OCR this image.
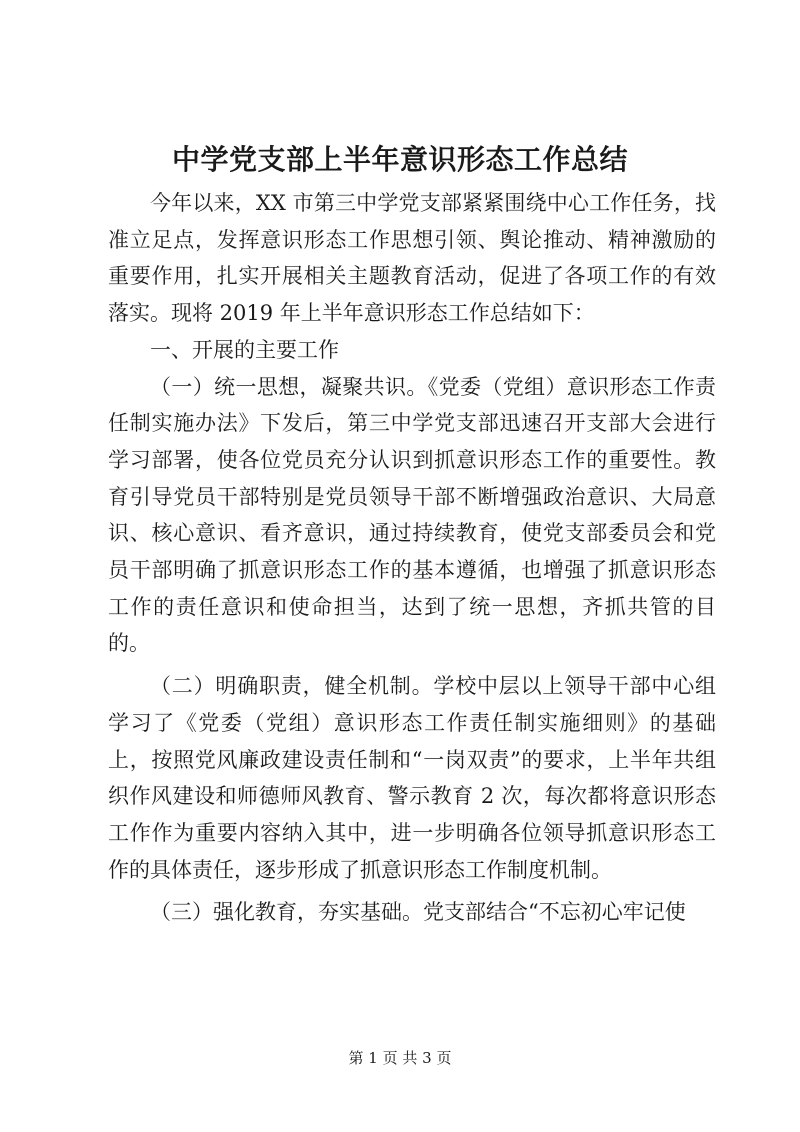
中学党支部上半年意识形态工作总结

今年以来，XX 市第三中学党支部紧紧围绕中心工作任务，找准立足点，发挥意识形态工作思想引领、舆论推动、精神激励的重要作用，扎实开展相关主题教育活动，促进了各项工作的有效落实。现将 2019 年上半年意识形态工作总结如下：

一、开展的主要工作

（一）统一思想，凝聚共识。《党委（党组）意识形态工作责任制实施办法》下发后，第三中学党支部迅速召开支部大会进行学习部署，使各位党员充分认识到抓意识形态工作的重要性。教育引导党员干部特别是党员领导干部不断增强政治意识、大局意识、核心意识、看齐意识，通过持续教育，使党支部委员会和党员干部明确了抓意识形态工作的基本遵循，也增强了抓意识形态工作的责任意识和使命担当，达到了统一思想，齐抓共管的目的。

（二）明确职责，健全机制。学校中层以上领导干部中心组学习了《党委（党组）意识形态工作责任制实施细则》的基础上，按照党风廉政建设责任制和“一岗双责”的要求，上半年共组织作风建设和师德师风教育、警示教育 2 次，每次都将意识形态工作作为重要内容纳入其中，进一步明确各位领导抓意识形态工作的具体责任，逐步形成了抓意识形态工作制度机制。

（三）强化教育，夯实基础。党支部结合“不忘初心牢记使

第 1 页 共 3 页
